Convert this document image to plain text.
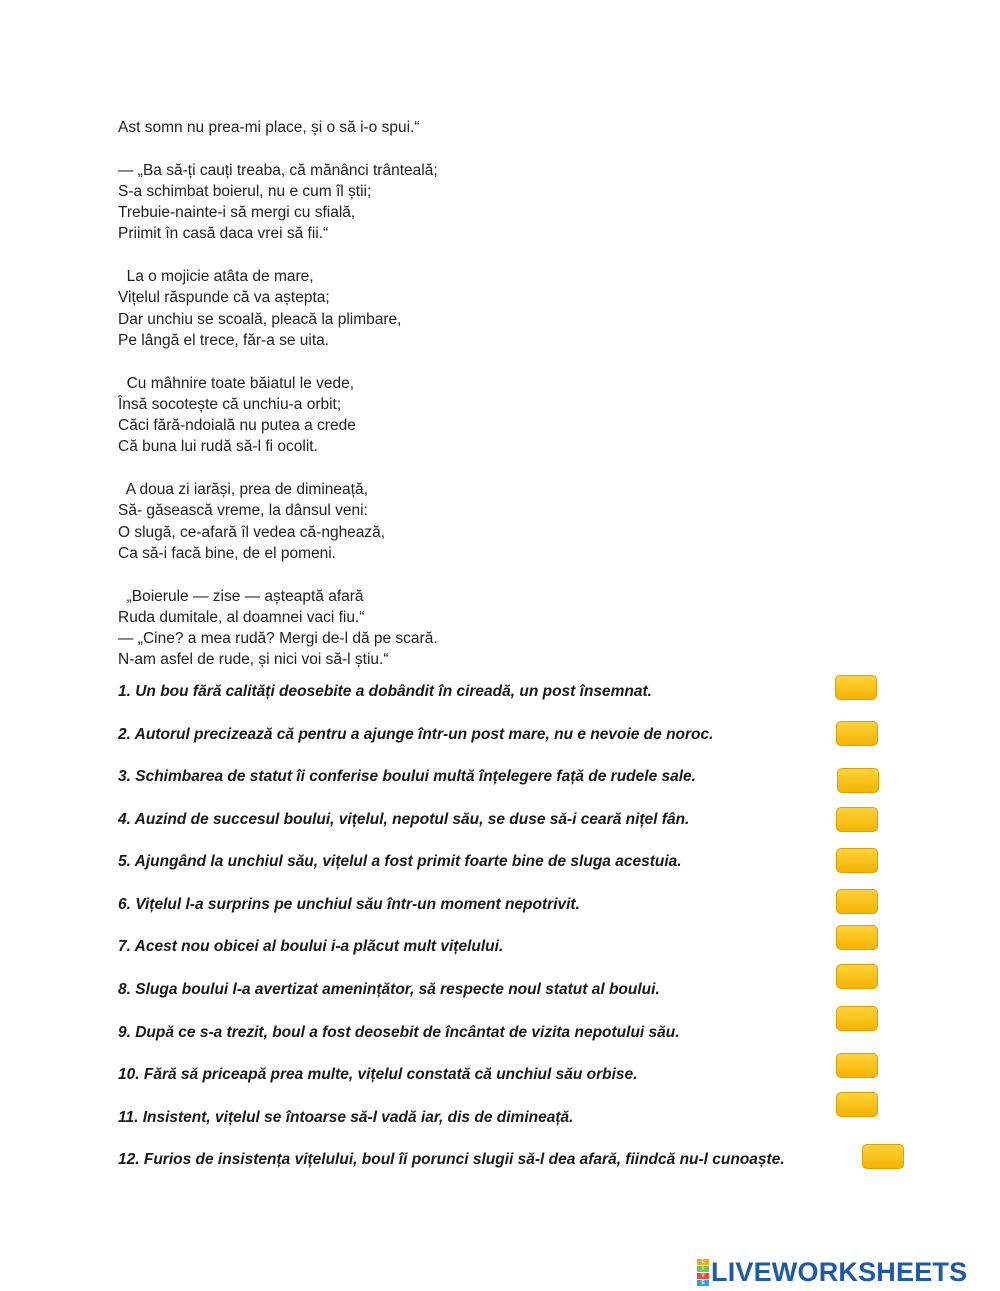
Ast somn nu prea-mi place, și o să i-o spui.“
— „Ba să-ți cauți treaba, că mănânci trânteală;
S-a schimbat boierul, nu e cum îl știi;
Trebuie-nainte-i să mergi cu sfială,
Priimit în casă daca vrei să fii.“
La o mojicie atâta de mare,
Vițelul răspunde că va aștepta;
Dar unchiu se scoală, pleacă la plimbare,
Pe lângă el trece, făr-a se uita.
Cu mâhnire toate băiatul le vede,
Însă socotește că unchiu-a orbit;
Căci fără-ndoială nu putea a crede
Că buna lui rudă să-l fi ocolit.
A doua zi iarăși, prea de dimineață,
Să- găsească vreme, la dânsul veni:
O slugă, ce-afară îl vedea că-nghează,
Ca să-i facă bine, de el pomeni.
„Boierule — zise — așteaptă afară
Ruda dumitale, al doamnei vaci fiu.“
— „Cine? a mea rudă? Mergi de-l dă pe scară.
N-am asfel de rude, și nici voi să-l știu.“
1. Un bou fără calități deosebite a dobândit în cireadă, un post însemnat.
2. Autorul precizează că pentru a ajunge într-un post mare, nu e nevoie de noroc.
3. Schimbarea de statut îi conferise boului multă înțelegere față de rudele sale.
4. Auzind de succesul boului, vițelul, nepotul său, se duse să-i ceară nițel fân.
5. Ajungând la unchiul său, vițelul a fost primit foarte bine de sluga acestuia.
6. Vițelul l-a surprins pe unchiul său într-un moment nepotrivit.
7. Acest nou obicei al boului i-a plăcut mult vițelului.
8. Sluga boului l-a avertizat amenințător, să respecte noul statut al boului.
9. După ce s-a trezit, boul a fost deosebit de încântat de vizita nepotului său.
10. Fără să priceapă prea multe, vițelul constată că unchiul său orbise.
11. Insistent, vițelul se întoarse să-l vadă iar, dis de dimineață.
12. Furios de insistența vițelului, boul îi porunci slugii să-l dea afară, fiindcă nu-l cunoaște.
L
I
V
E LIVEWORKSHEETS
